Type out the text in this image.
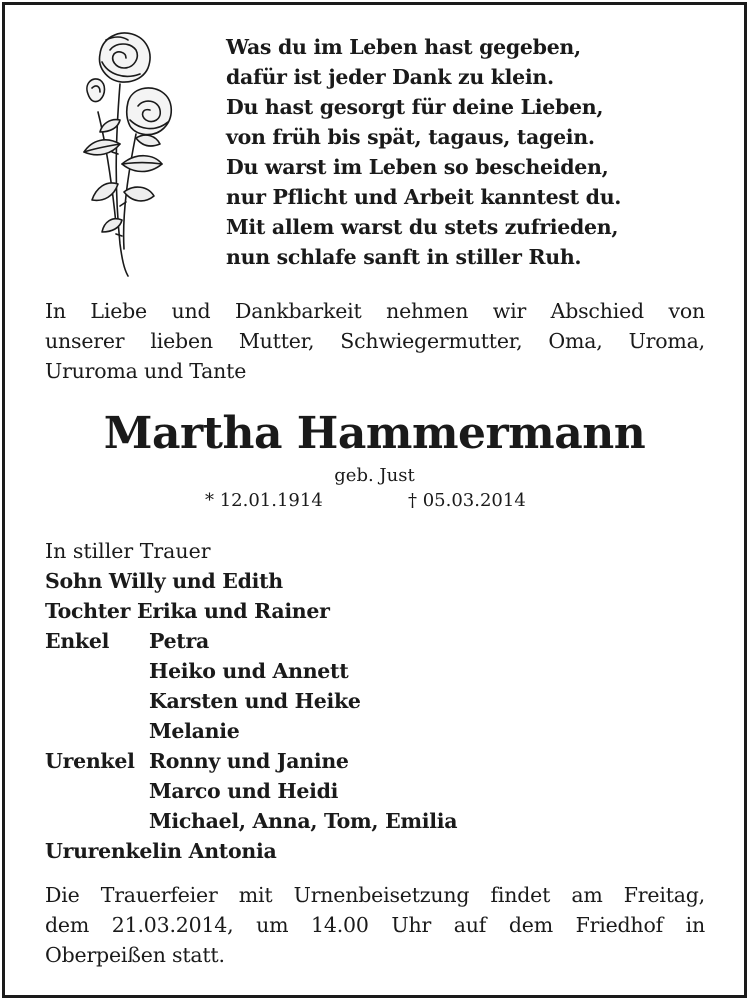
Was du im Leben hast gegeben,
dafür ist jeder Dank zu klein.
Du hast gesorgt für deine Lieben,
von früh bis spät, tagaus, tagein.
Du warst im Leben so bescheiden,
nur Pflicht und Arbeit kanntest du.
Mit allem warst du stets zufrieden,
nun schlafe sanft in stiller Ruh.
In Liebe und Dankbarkeit nehmen wir Abschied von
unserer lieben Mutter, Schwiegermutter, Oma, Uroma,
Ururoma und Tante
Martha Hammermann
geb. Just
* 12.01.1914	† 05.03.2014
In stiller Trauer
Sohn Willy und Edith
Tochter Erika und Rainer
Enkel Petra
Heiko und Annett
Karsten und Heike
Melanie
Urenkel Ronny und Janine
Marco und Heidi
Michael, Anna, Tom, Emilia
Ururenkelin Antonia
Die Trauerfeier mit Urnenbeisetzung findet am Freitag,
dem 21.03.2014, um 14.00 Uhr auf dem Friedhof in
Oberpeißen statt.
